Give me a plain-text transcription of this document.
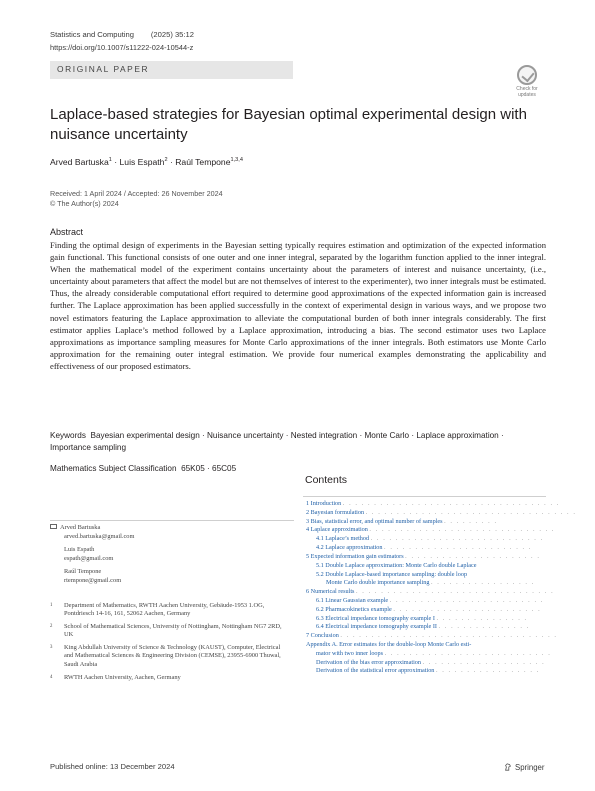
Statistics and Computing (2025) 35:12
https://doi.org/10.1007/s11222-024-10544-z
ORIGINAL PAPER
Check for updates
Laplace-based strategies for Bayesian optimal experimental design with nuisance uncertainty
Arved Bartuska$^1$ · Luis Espath$^2$ · Raúl Tempone$^{1,3,4}$
Received: 1 April 2024 / Accepted: 26 November 2024
© The Author(s) 2024
Abstract

Finding the optimal design of experiments in the Bayesian setting typically requires estimation and optimization of the expected information gain functional. This functional consists of one outer and one inner integral, separated by the logarithm function applied to the inner integral. When the mathematical model of the experiment contains uncertainty about the parameters of interest and nuisance uncertainty, (i.e., uncertainty about parameters that affect the model but are not themselves of interest to the experimenter), two inner integrals must be estimated. Thus, the already considerable computational effort required to determine good approximations of the expected information gain is increased further. The Laplace approximation has been applied successfully in the context of experimental design in various ways, and we propose two novel estimators featuring the Laplace approximation to alleviate the computational burden of both inner integrals considerably. The first estimator applies Laplace’s method followed by a Laplace approximation, introducing a bias. The second estimator uses two Laplace approximations as importance sampling measures for Monte Carlo approximations of the inner integrals. Both estimators use Monte Carlo approximation for the remaining outer integral estimation. We provide four numerical examples demonstrating the applicability and effectiveness of our proposed estimators.

Keywords Bayesian experimental design · Nuisance uncertainty · Nested integration · Monte Carlo · Laplace approximation · Importance sampling
Mathematics Subject Classification 65K05 · 65C05
Contents
1 Introduction . . . . . . . . . . . . . . . . . . . . . . . . . . . . . . . . . . .
2 Bayesian formulation . . . . . . . . . . . . . . . . . . . . . . . . . . . . . . . . . .
3 Bias, statistical error, and optimal number of samples . . . . . . . . .
4 Laplace approximation . . . . . . . . . . . . . . . . . . . . . . . . . . . . . .
4.1 Laplace’s method . . . . . . . . . . . . . . . . . . . . . . . . . . . .
4.2 Laplace approximation . . . . . . . . . . . . . . . . . . . . . . . .
5 Expected information gain estimators . . . . . . . . . . . . . . . . . . . . . .
5.1 Double Laplace approximation: Monte Carlo double Laplace
5.2 Double Laplace-based importance sampling: double loop
Monte Carlo double importance sampling . . . . . . . . . . . . . . . . .
6 Numerical results . . . . . . . . . . . . . . . . . . . . . . . . . . . . . . . .
6.1 Linear Gaussian example . . . . . . . . . . . . . . . . . . . . . . . . .
6.2 Pharmacokinetics example . . . . . . . . . . . . . . . . . . . . . . . .
6.3 Electrical impedance tomography example I . . . . . . . . . . . . . . .
6.4 Electrical impedance tomography example II . . . . . . . . . . . . . . .
7 Conclusion . . . . . . . . . . . . . . . . . . . . . . . . . . . . . . . . . . .
Appendix A. Error estimates for the double-loop Monte Carlo esti-
mator with two inner loops . . . . . . . . . . . . . . . . . . . . . . . . . . .
Derivation of the bias error approximation . . . . . . . . . . . . . . . . . . . .
Derivation of the statistical error approximation . . . . . . . . . . . . . . . . .
Arved Bartuska
arved.bartuska@gmail.com
Luis Espath
espath@gmail.com
Raúl Tempone
rtempone@gmail.com
1 Department of Mathematics, RWTH Aachen University, Gebäude-1953 1.OG, Pontdriesch 14-16, 161, 52062 Aachen, Germany
2 School of Mathematical Sciences, University of Nottingham, Nottingham NG7 2RD, UK
3 King Abdullah University of Science & Technology (KAUST), Computer, Electrical and Mathematical Sciences & Engineering Division (CEMSE), 23955-6900 Thuwal, Saudi Arabia
4 RWTH Aachen University, Aachen, Germany
Published online: 13 December 2024	Springer
